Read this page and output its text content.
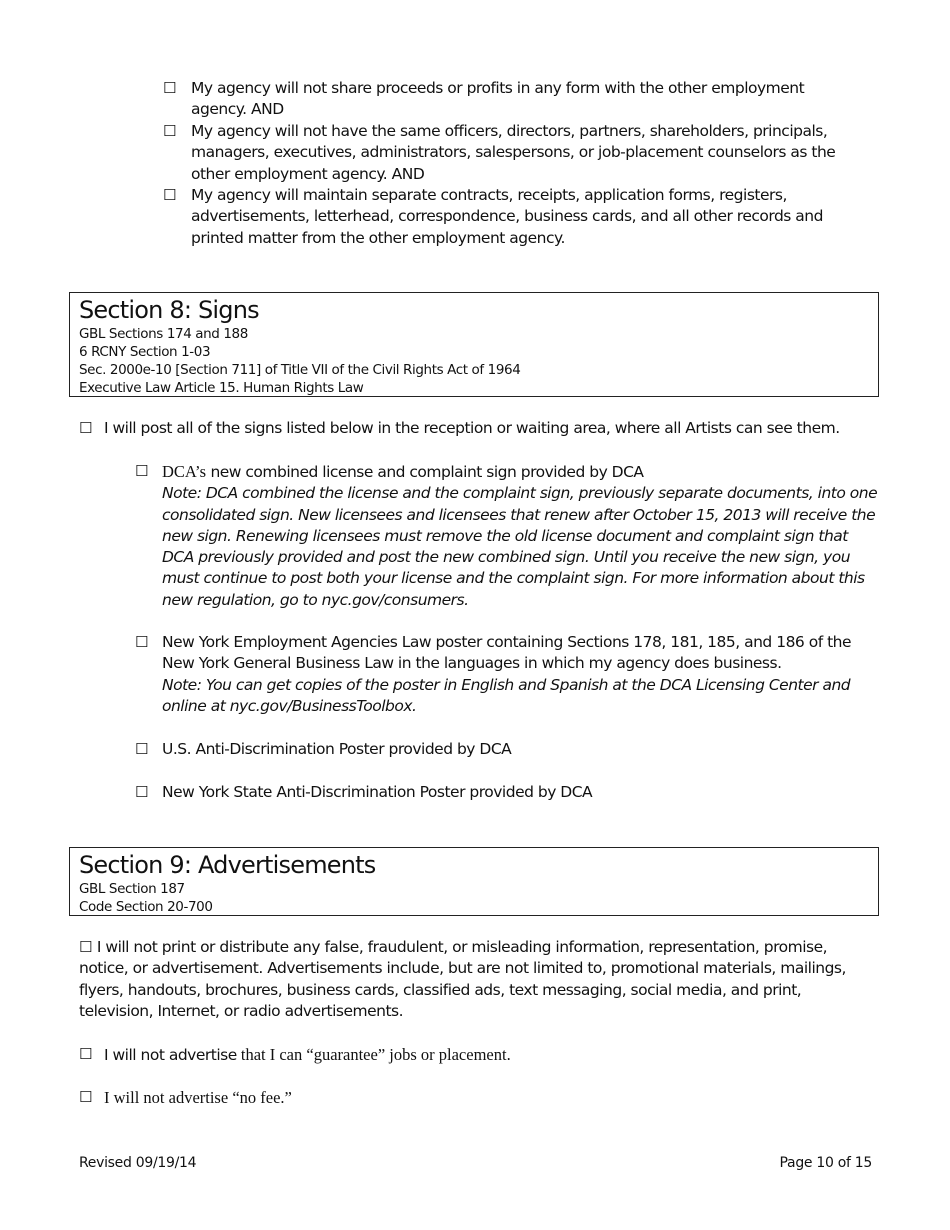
☐ My agency will not share proceeds or profits in any form with the other employment agency. AND
☐ My agency will not have the same officers, directors, partners, shareholders, principals, managers, executives, administrators, salespersons, or job-placement counselors as the other employment agency. AND
☐ My agency will maintain separate contracts, receipts, application forms, registers, advertisements, letterhead, correspondence, business cards, and all other records and printed matter from the other employment agency.
Section 8: Signs
GBL Sections 174 and 188
6 RCNY Section 1-03
Sec. 2000e-10 [Section 711] of Title VII of the Civil Rights Act of 1964
Executive Law Article 15. Human Rights Law
☐ I will post all of the signs listed below in the reception or waiting area, where all Artists can see them.
☐ DCA’s new combined license and complaint sign provided by DCA
Note: DCA combined the license and the complaint sign, previously separate documents, into one consolidated sign. New licensees and licensees that renew after October 15, 2013 will receive the new sign. Renewing licensees must remove the old license document and complaint sign that DCA previously provided and post the new combined sign. Until you receive the new sign, you must continue to post both your license and the complaint sign. For more information about this new regulation, go to nyc.gov/consumers.
☐ New York Employment Agencies Law poster containing Sections 178, 181, 185, and 186 of the New York General Business Law in the languages in which my agency does business.
Note: You can get copies of the poster in English and Spanish at the DCA Licensing Center and online at nyc.gov/BusinessToolbox.
☐ U.S. Anti-Discrimination Poster provided by DCA
☐ New York State Anti-Discrimination Poster provided by DCA
Section 9: Advertisements
GBL Section 187
Code Section 20-700
☐ I will not print or distribute any false, fraudulent, or misleading information, representation, promise, notice, or advertisement. Advertisements include, but are not limited to, promotional materials, mailings, flyers, handouts, brochures, business cards, classified ads, text messaging, social media, and print, television, Internet, or radio advertisements.
☐ I will not advertise that I can “guarantee” jobs or placement.
☐ I will not advertise “no fee.”
Revised 09/19/14	Page 10 of 15
